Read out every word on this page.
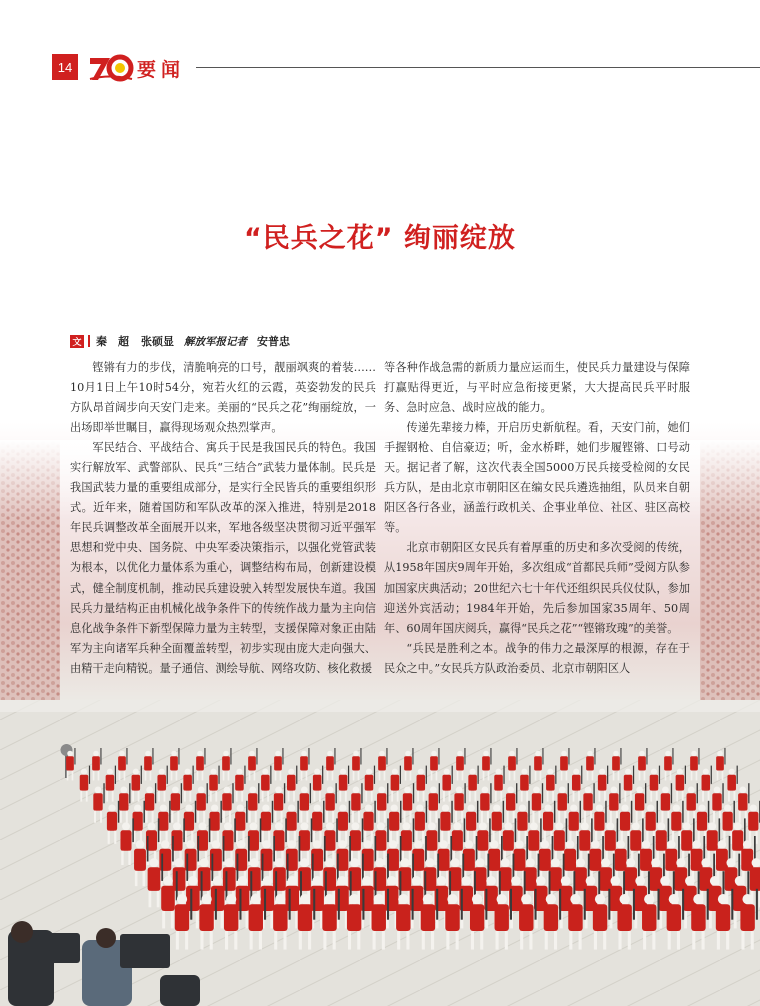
14	要闻
“民兵之花” 绚丽绽放
文 秦　超 张硕显 解放军报记者 安普忠

铿锵有力的步伐，清脆响亮的口号，靓丽飒爽的着装……10月1日上午10时54分，宛若火红的云霞，英姿勃发的民兵方队昂首阔步向天安门走来。美丽的“民兵之花”绚丽绽放，一出场即举世瞩目，赢得现场观众热烈掌声。

军民结合、平战结合、寓兵于民是我国民兵的特色。我国实行解放军、武警部队、民兵“三结合”武装力量体制。民兵是我国武装力量的重要组成部分，是实行全民皆兵的重要组织形式。近年来，随着国防和军队改革的深入推进，特别是2018年民兵调整改革全面展开以来，军地各级坚决贯彻习近平强军思想和党中央、国务院、中央军委决策指示，以强化党管武装为根本，以优化力量体系为重心，调整结构布局，创新建设模式，健全制度机制，推动民兵建设驶入转型发展快车道。我国民兵力量结构正由机械化战争条件下的传统作战力量为主向信息化战争条件下新型保障力量为主转型，支援保障对象正由陆军为主向诸军兵种全面覆盖转型，初步实现由庞大走向强大、由精干走向精锐。量子通信、测绘导航、网络攻防、核化救援

等各种作战急需的新质力量应运而生，使民兵力量建设与保障打赢贴得更近，与平时应急衔接更紧，大大提高民兵平时服务、急时应急、战时应战的能力。

传递先辈接力棒，开启历史新航程。看，天安门前，她们手握钢枪、自信豪迈；听，金水桥畔，她们步履铿锵、口号动天。据记者了解，这次代表全国5000万民兵接受检阅的女民兵方队，是由北京市朝阳区在编女民兵遴选抽组，队员来自朝阳区各行各业，涵盖行政机关、企事业单位、社区、驻区高校等。

北京市朝阳区女民兵有着厚重的历史和多次受阅的传统，从1958年国庆9周年开始，多次组成“首都民兵师”受阅方队参加国家庆典活动；20世纪六七十年代还组织民兵仪仗队，参加迎送外宾活动；1984年开始，先后参加国家35周年、50周年、60周年国庆阅兵，赢得“民兵之花”“铿锵玫瑰”的美誉。

“兵民是胜利之本。战争的伟力之最深厚的根源，存在于民众之中。”女民兵方队政治委员、北京市朝阳区人
